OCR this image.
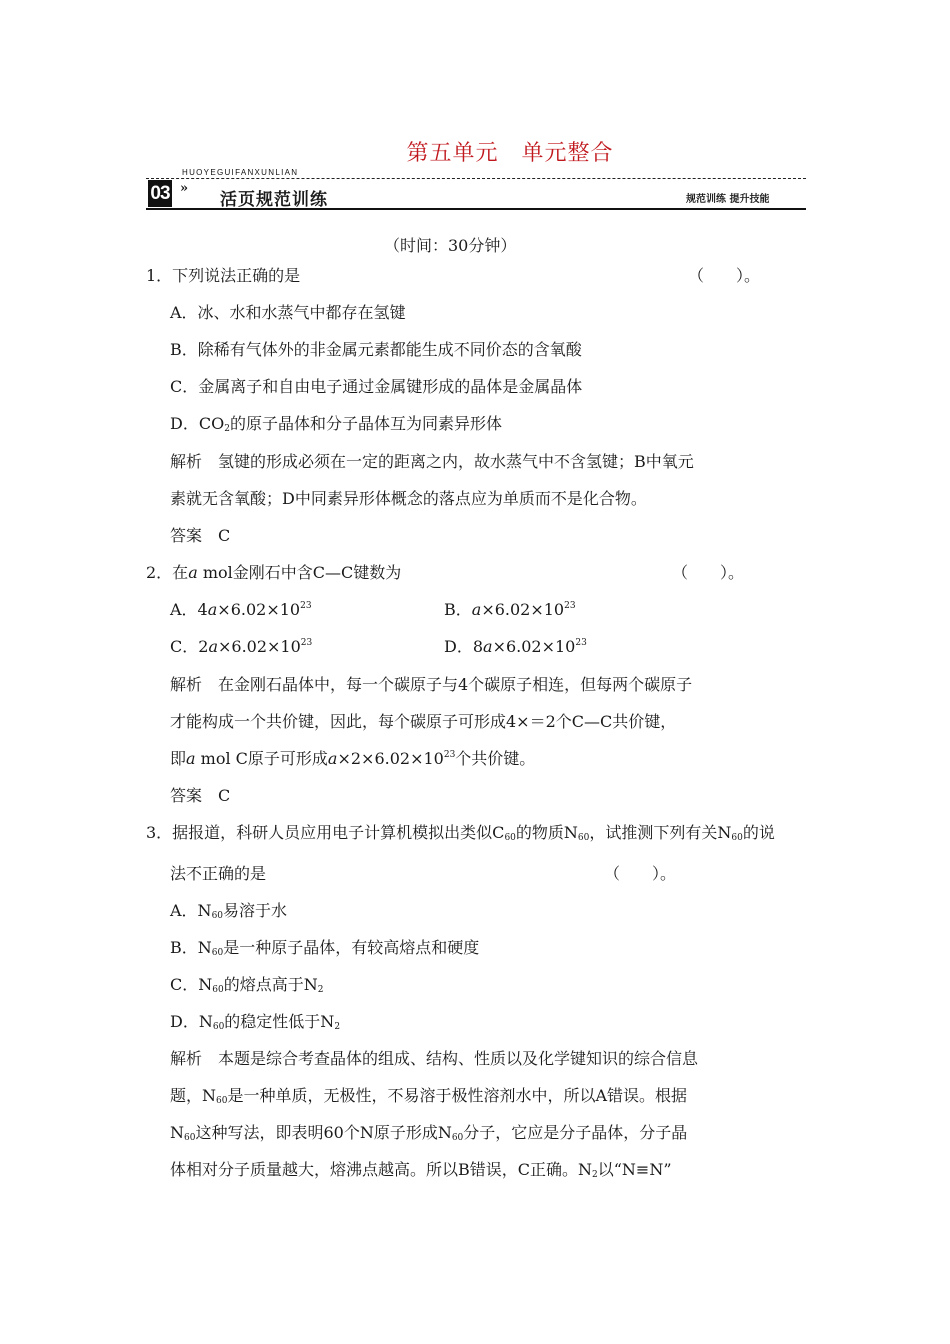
第五单元　单元整合
HUOYEGUIFANXUNLIAN
03 »
活页规范训练	规范训练 提升技能
（时间：30分钟）
1．下列说法正确的是	（　　）。
A．冰、水和水蒸气中都存在氢键
B．除稀有气体外的非金属元素都能生成不同价态的含氧酸
C．金属离子和自由电子通过金属键形成的晶体是金属晶体
D．$CO_2$的原子晶体和分子晶体互为同素异形体
解析　氢键的形成必须在一定的距离之内，故水蒸气中不含氢键；B中氧元
素就无含氧酸；D中同素异形体概念的落点应为单质而不是化合物。
答案　C
2．在a mol金刚石中含C—C键数为	（　　）。
A．$4a\times 6.02\times 10^{23}$	B．$a\times 6.02\times 10^{23}$
C．$2a\times 6.02\times 10^{23}$	D．$8a\times 6.02\times 10^{23}$
解析　在金刚石晶体中，每一个碳原子与4个碳原子相连，但每两个碳原子
才能构成一个共价键，因此，每个碳原子可形成4×＝2个C—C共价键，
即a mol C原子可形成$a\times 2\times 6.02\times 10^{23}$个共价键。
答案　C
3．据报道，科研人员应用电子计算机模拟出类似$C_{60}$的物质$N_{60}$，试推测下列有关$N_{60}$的说
法不正确的是	（　　）。
A．$N_{60}$易溶于水
B．$N_{60}$是一种原子晶体，有较高熔点和硬度
C．$N_{60}$的熔点高于$N_2$
D．$N_{60}$的稳定性低于$N_2$
解析　本题是综合考查晶体的组成、结构、性质以及化学键知识的综合信息
题，$N_{60}$是一种单质，无极性，不易溶于极性溶剂水中，所以A错误。根据
$N_{60}$这种写法，即表明60个N原子形成$N_{60}$分子，它应是分子晶体，分子晶
体相对分子质量越大，熔沸点越高。所以B错误，C正确。$N_2$以“N≡N”
